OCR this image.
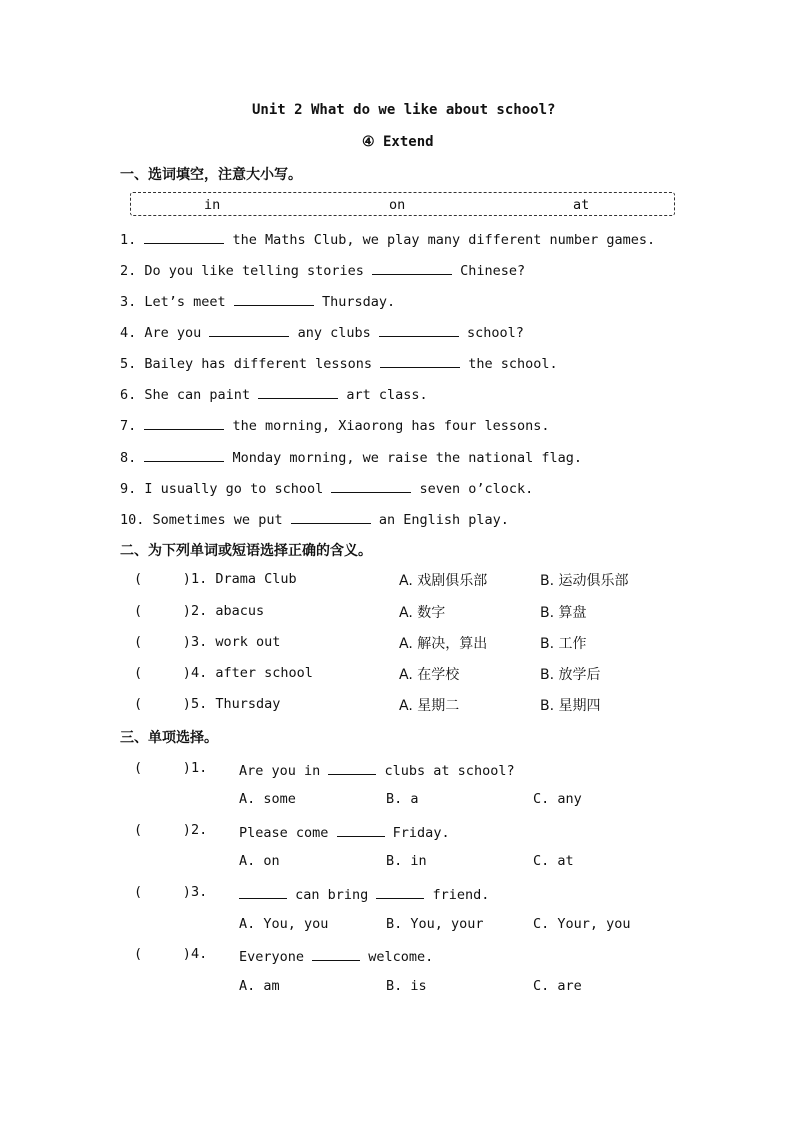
Unit 2 What do we like about school?
④ Extend
一、选词填空，注意大小写。
in	on	at
1.	the Maths Club, we play many different number games.
2. Do you like telling stories	Chinese?
3. Let’s meet	Thursday.
4. Are you	any clubs	school?
5. Bailey has different lessons	the school.
6. She can paint	art class.
7.	the morning, Xiaorong has four lessons.
8.	Monday morning, we raise the national flag.
9. I usually go to school	seven o’clock.
10. Sometimes we put	an English play.
二、为下列单词或短语选择正确的含义。
(     ) 1. Drama Club	A. 戏剧俱乐部	B. 运动俱乐部
(     ) 2. abacus	A. 数字	B. 算盘
(     ) 3. work out	A. 解决，算出	B. 工作
(     ) 4. after school	A. 在学校	B. 放学后
(     ) 5. Thursday	A. 星期二	B. 星期四
三、单项选择。
(     ) 1. Are you in	clubs at school?
A. some	B. a	C. any
(     ) 2. Please come	Friday.
A. on	B. in	C. at
(     ) 3.	can bring	friend.
A. You, you	B. You, your	C. Your, you
(     ) 4. Everyone	welcome.
A. am	B. is	C. are
